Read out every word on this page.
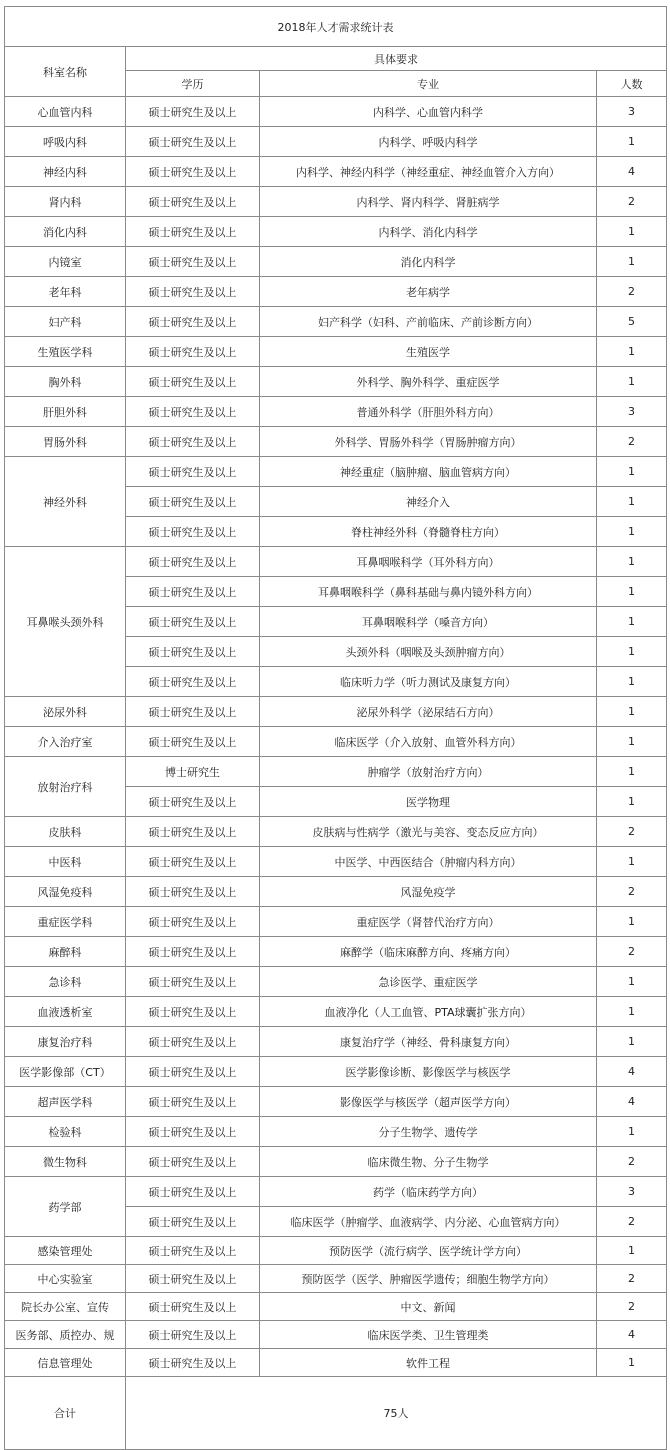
2018年人才需求统计表			
科室名称	具体要求		
	学历	专业	人数
心血管内科	硕士研究生及以上	内科学、心血管内科学	3
呼吸内科	硕士研究生及以上	内科学、呼吸内科学	1
神经内科	硕士研究生及以上	内科学、神经内科学（神经重症、神经血管介入方向）	4
肾内科	硕士研究生及以上	内科学、肾内科学、肾脏病学	2
消化内科	硕士研究生及以上	内科学、消化内科学	1
内镜室	硕士研究生及以上	消化内科学	1
老年科	硕士研究生及以上	老年病学	2
妇产科	硕士研究生及以上	妇产科学（妇科、产前临床、产前诊断方向）	5
生殖医学科	硕士研究生及以上	生殖医学	1
胸外科	硕士研究生及以上	外科学、胸外科学、重症医学	1
肝胆外科	硕士研究生及以上	普通外科学（肝胆外科方向）	3
胃肠外科	硕士研究生及以上	外科学、胃肠外科学（胃肠肿瘤方向）	2
神经外科	硕士研究生及以上	神经重症（脑肿瘤、脑血管病方向）	1
	硕士研究生及以上	神经介入	1
	硕士研究生及以上	脊柱神经外科（脊髓脊柱方向）	1
耳鼻喉头颈外科	硕士研究生及以上	耳鼻咽喉科学（耳外科方向）	1
	硕士研究生及以上	耳鼻咽喉科学（鼻科基础与鼻内镜外科方向）	1
	硕士研究生及以上	耳鼻咽喉科学（嗓音方向）	1
	硕士研究生及以上	头颈外科（咽喉及头颈肿瘤方向）	1
	硕士研究生及以上	临床听力学（听力测试及康复方向）	1
泌尿外科	硕士研究生及以上	泌尿外科学（泌尿结石方向）	1
介入治疗室	硕士研究生及以上	临床医学（介入放射、血管外科方向）	1
放射治疗科	博士研究生	肿瘤学（放射治疗方向）	1
	硕士研究生及以上	医学物理	1
皮肤科	硕士研究生及以上	皮肤病与性病学（激光与美容、变态反应方向）	2
中医科	硕士研究生及以上	中医学、中西医结合（肿瘤内科方向）	1
风湿免疫科	硕士研究生及以上	风湿免疫学	2
重症医学科	硕士研究生及以上	重症医学（肾替代治疗方向）	1
麻醉科	硕士研究生及以上	麻醉学（临床麻醉方向、疼痛方向）	2
急诊科	硕士研究生及以上	急诊医学、重症医学	1
血液透析室	硕士研究生及以上	血液净化（人工血管、PTA球囊扩张方向）	1
康复治疗科	硕士研究生及以上	康复治疗学（神经、骨科康复方向）	1
医学影像部（CT）	硕士研究生及以上	医学影像诊断、影像医学与核医学	4
超声医学科	硕士研究生及以上	影像医学与核医学（超声医学方向）	4
检验科	硕士研究生及以上	分子生物学、遗传学	1
微生物科	硕士研究生及以上	临床微生物、分子生物学	2
药学部	硕士研究生及以上	药学（临床药学方向）	3
	硕士研究生及以上	临床医学（肿瘤学、血液病学、内分泌、心血管病方向）	2
感染管理处	硕士研究生及以上	预防医学（流行病学、医学统计学方向）	1
中心实验室	硕士研究生及以上	预防医学（医学、肿瘤医学遗传；细胞生物学方向）	2
院长办公室、宣传	硕士研究生及以上	中文、新闻	2
医务部、质控办、规	硕士研究生及以上	临床医学类、卫生管理类	4
信息管理处	硕士研究生及以上	软件工程	1
合计	75人		
